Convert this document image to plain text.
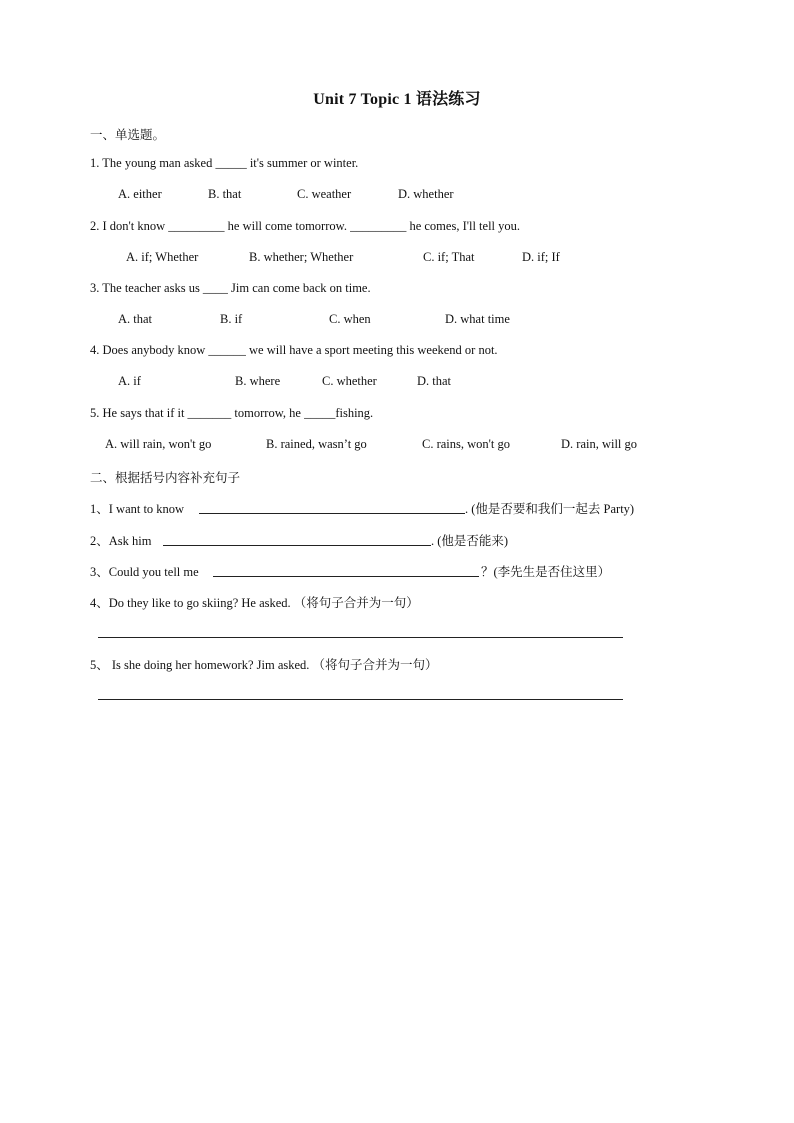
Unit 7 Topic 1 语法练习
一、单选题。
1. The young man asked _____ it's summer or winter.
A. either	B. that	C. weather	D. whether
2. I don't know _________ he will come tomorrow. _________ he comes, I'll tell you.
A. if; Whether	B. whether; Whether	C. if; That	D. if; If
3. The teacher asks us ____ Jim can come back on time.
A. that	B. if	C. when	D. what time
4. Does anybody know ______ we will have a sport meeting this weekend or not.
A. if	B. where	C. whether	D. that
5. He says that if it _______ tomorrow, he _____fishing.
A. will rain, won't go	B. rained, wasn’t go	C. rains, won't go	D. rain, will go
二、根据括号内容补充句子
1、I want to know	. (他是否要和我们一起去 Party)
2、Ask him	. (他是否能来)
3、Could you tell me	？(李先生是否住这里）
4、Do they like to go skiing? He asked. （将句子合并为一句）
5、 Is she doing her homework? Jim asked. （将句子合并为一句）
